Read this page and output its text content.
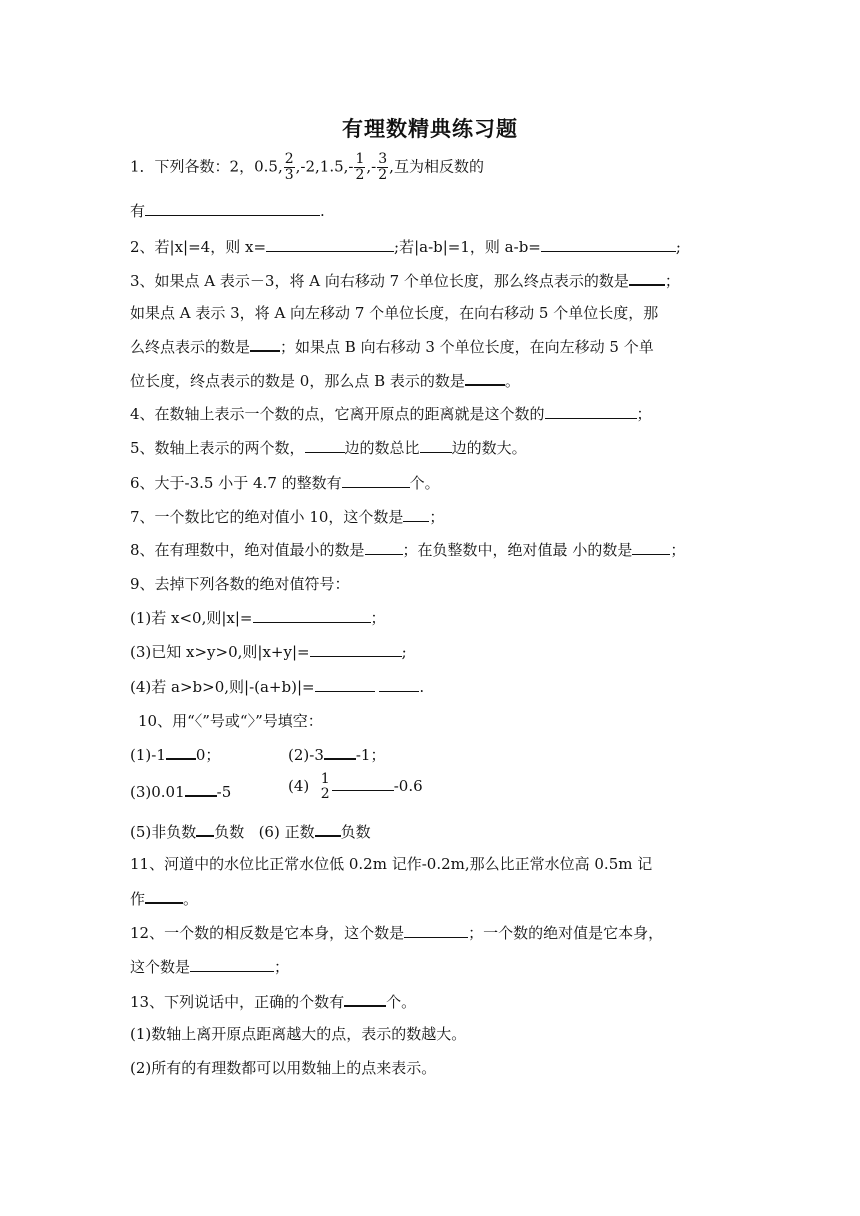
有理数精典练习题
1．下列各数：2，0.5, $\frac{2}{3} ,-2,1.5,- \frac{1}{2}$ ,- $\frac{3}{2}$ ,互为相反数的
有	.
2、若|x|=4，则 x=	;若|a-b|=1，则 a-b=	;
3、如果点 A 表示－3，将 A 向右移动 7 个单位长度，那么终点表示的数是 ；
如果点 A 表示 3，将 A 向左移动 7 个单位长度，在向右移动 5 个单位长度，那
么终点表示的数是 ；如果点 B 向右移动 3 个单位长度，在向左移动 5 个单
位长度，终点表示的数是 0，那么点 B 表示的数是	。
4、在数轴上表示一个数的点，它离开原点的距离就是这个数的	；
5、数轴上表示的两个数，	边的数总比 边的数大。
6、大于-3.5 小于 4.7 的整数有	个。
7、一个数比它的绝对值小 10，这个数是 ；
8、在有理数中，绝对值最小的数是	；在负整数中，绝对值最 小的数是	；
9、去掉下列各数的绝对值符号：
(1)若 x<0,则|x|=	；
(3)已知 x>y>0,则|x+y|=	;
(4)若 a>b>0,则|-(a+b)|=	.
10、用“〈”号或“〉”号填空：
(1)-1 0；	(2)-3 -1；
(3)0.01 -5	(4) 1
2	-0.6
(5)非负数 负数 (6) 正数 负数
11、河道中的水位比正常水位低 0.2m 记作-0.2m,那么比正常水位高 0.5m 记
作	。
12、一个数的相反数是它本身，这个数是	；一个数的绝对值是它本身，
这个数是	；
13、下列说话中，正确的个数有	个。
(1)数轴上离开原点距离越大的点，表示的数越大。
(2)所有的有理数都可以用数轴上的点来表示。
